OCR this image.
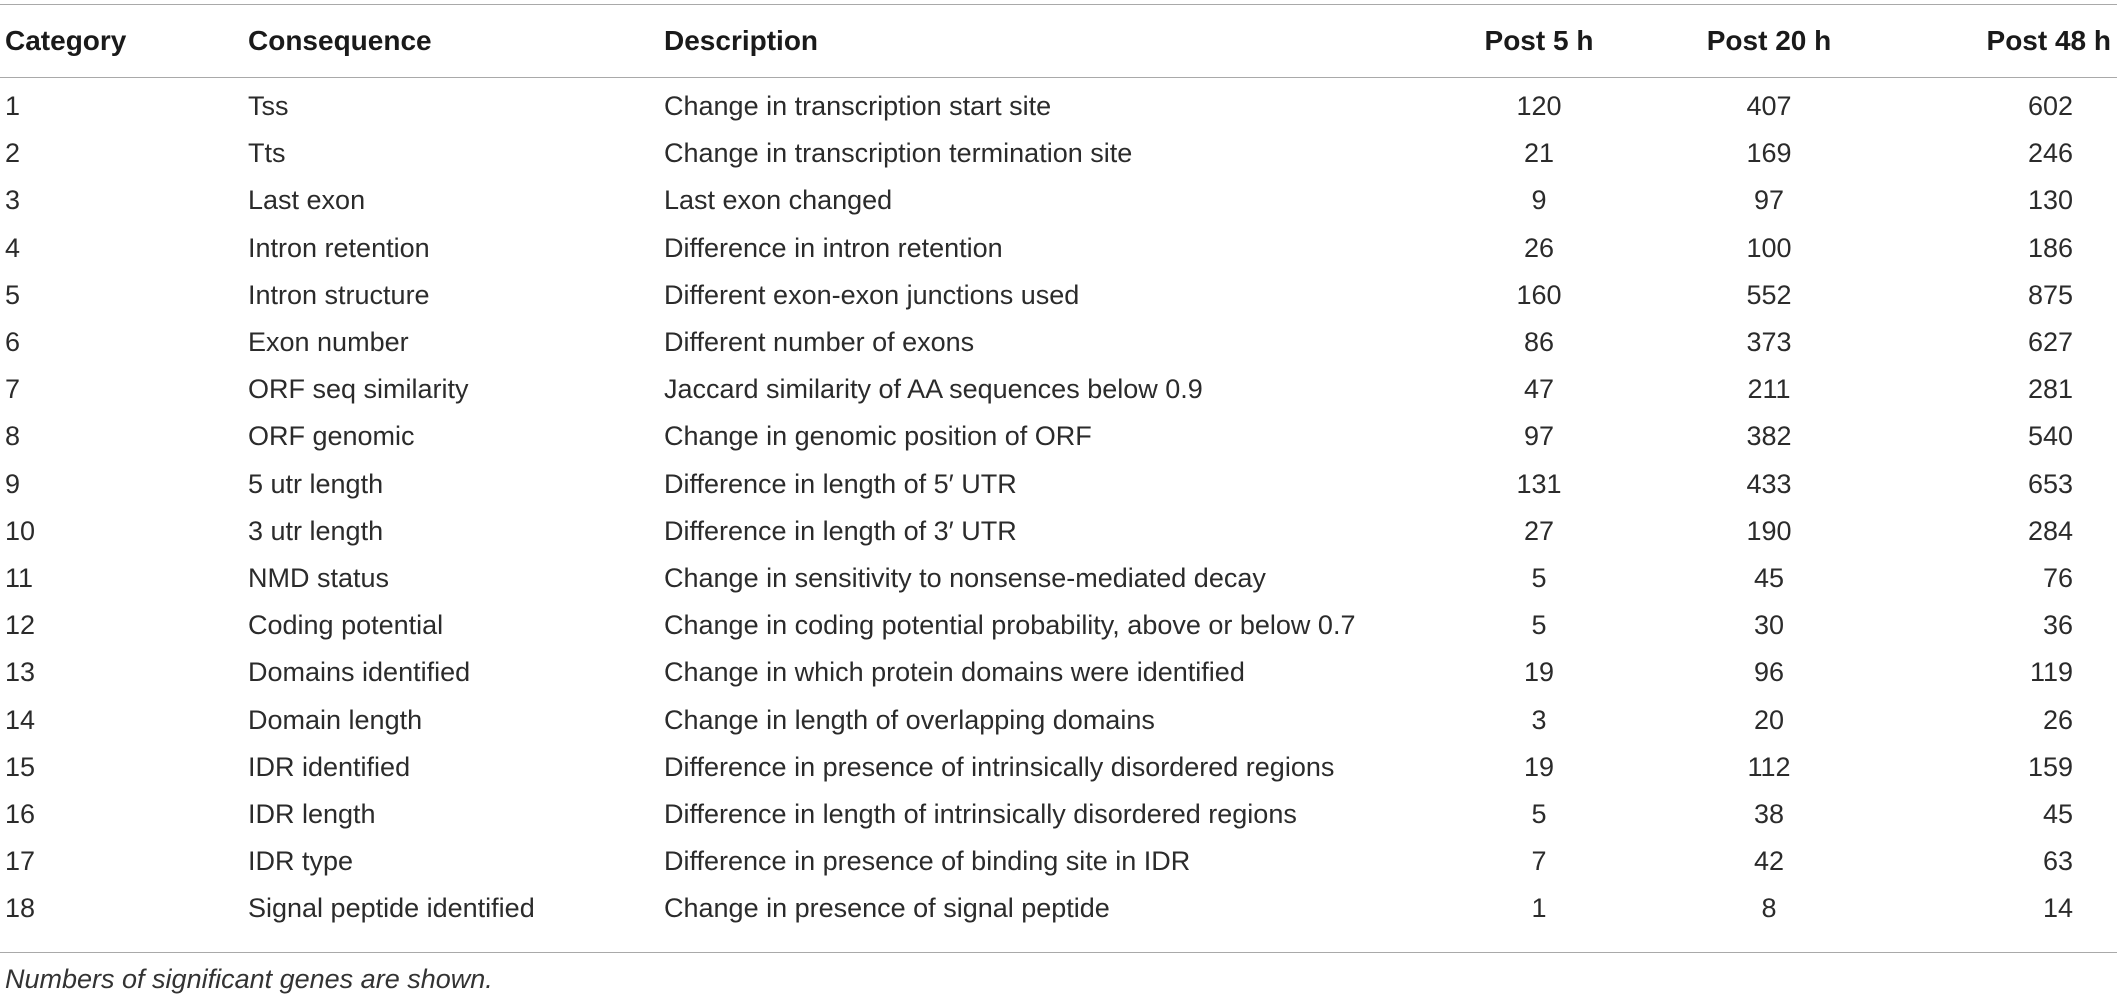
Category	Consequence	Description	Post 5 h	Post 20 h	Post 48 h
1	Tss	Change in transcription start site	120	407	602
2	Tts	Change in transcription termination site	21	169	246
3	Last exon	Last exon changed	9	97	130
4	Intron retention	Difference in intron retention	26	100	186
5	Intron structure	Different exon-exon junctions used	160	552	875
6	Exon number	Different number of exons	86	373	627
7	ORF seq similarity	Jaccard similarity of AA sequences below 0.9	47	211	281
8	ORF genomic	Change in genomic position of ORF	97	382	540
9	5 utr length	Difference in length of 5′ UTR	131	433	653
10	3 utr length	Difference in length of 3′ UTR	27	190	284
11	NMD status	Change in sensitivity to nonsense-mediated decay	5	45	76
12	Coding potential	Change in coding potential probability, above or below 0.7	5	30	36
13	Domains identified	Change in which protein domains were identified	19	96	119
14	Domain length	Change in length of overlapping domains	3	20	26
15	IDR identified	Difference in presence of intrinsically disordered regions	19	112	159
16	IDR length	Difference in length of intrinsically disordered regions	5	38	45
17	IDR type	Difference in presence of binding site in IDR	7	42	63
18	Signal peptide identified	Change in presence of signal peptide	1	8	14
Numbers of significant genes are shown.
